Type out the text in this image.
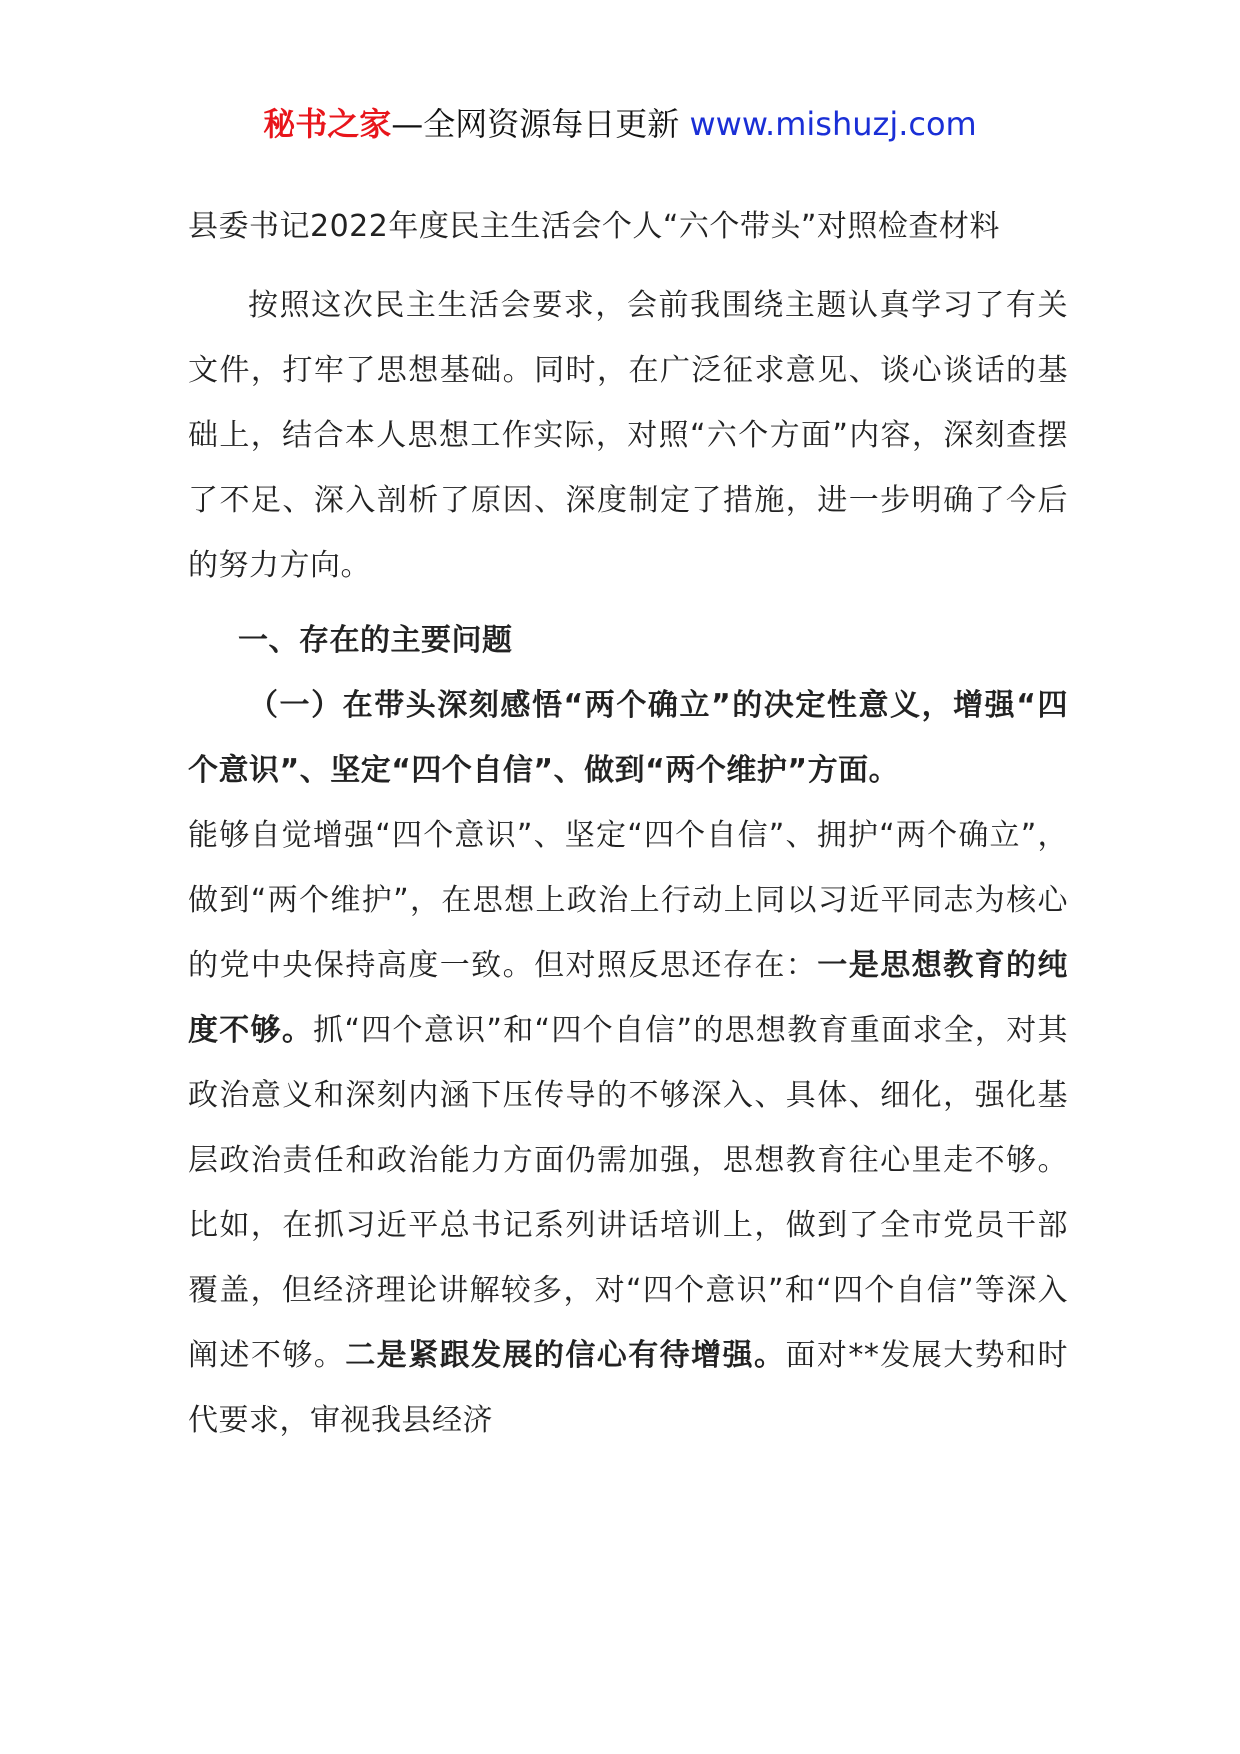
秘书之家—全网资源每日更新 www.mishuzj.com

县委书记2022年度民主生活会个人“六个带头”对照检查材料

按照这次民主生活会要求，会前我围绕主题认真学习了有关文件，打牢了思想基础。同时，在广泛征求意见、谈心谈话的基础上，结合本人思想工作实际，对照“六个方面”内容，深刻查摆了不足、深入剖析了原因、深度制定了措施，进一步明确了今后的努力方向。

一、存在的主要问题

（一）在带头深刻感悟“两个确立”的决定性意义，增强“四个意识”、坚定“四个自信”、做到“两个维护”方面。

能够自觉增强“四个意识”、坚定“四个自信”、拥护“两个确立”，做到“两个维护”，在思想上政治上行动上同以习近平同志为核心的党中央保持高度一致。但对照反思还存在：一是思想教育的纯度不够。抓“四个意识”和“四个自信”的思想教育重面求全，对其政治意义和深刻内涵下压传导的不够深入、具体、细化，强化基层政治责任和政治能力方面仍需加强，思想教育往心里走不够。比如，在抓习近平总书记系列讲话培训上，做到了全市党员干部覆盖，但经济理论讲解较多，对“四个意识”和“四个自信”等深入阐述不够。二是紧跟发展的信心有待增强。面对**发展大势和时代要求，审视我县经济
